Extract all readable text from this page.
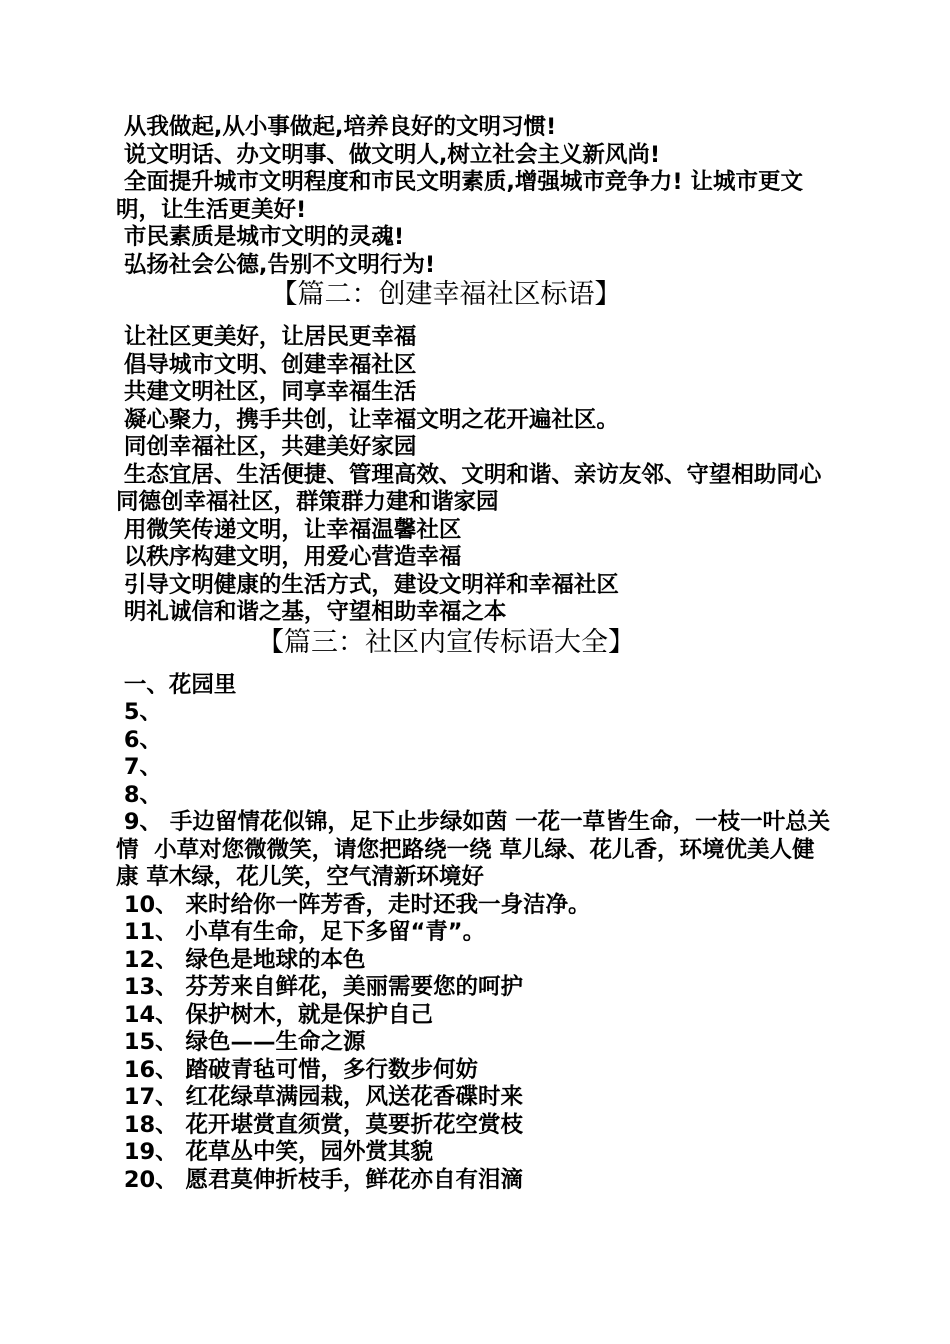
从我做起,从小事做起,培养良好的文明习惯!

说文明话、办文明事、做文明人,树立社会主义新风尚!

全面提升城市文明程度和市民文明素质,增强城市竞争力! 让城市更文明，让生活更美好!

市民素质是城市文明的灵魂!

弘扬社会公德,告别不文明行为!

【篇二：创建幸福社区标语】

让社区更美好，让居民更幸福

倡导城市文明、创建幸福社区

共建文明社区，同享幸福生活

凝心聚力，携手共创，让幸福文明之花开遍社区。

同创幸福社区，共建美好家园

生态宜居、生活便捷、管理高效、文明和谐、亲访友邻、守望相助同心同德创幸福社区，群策群力建和谐家园

用微笑传递文明，让幸福温馨社区

以秩序构建文明，用爱心营造幸福

引导文明健康的生活方式，建设文明祥和幸福社区

明礼诚信和谐之基，守望相助幸福之本

【篇三：社区内宣传标语大全】

一、花园里

5、

6、

7、

8、

9、 手边留情花似锦，足下止步绿如茵 一花一草皆生命，一枝一叶总关情  小草对您微微笑，请您把路绕一绕 草儿绿、花儿香，环境优美人健康 草木绿，花儿笑，空气清新环境好

10、 来时给你一阵芳香，走时还我一身洁净。

11、 小草有生命，足下多留“青”。

12、 绿色是地球的本色

13、 芬芳来自鲜花，美丽需要您的呵护

14、 保护树木，就是保护自己

15、 绿色——生命之源

16、 踏破青毡可惜，多行数步何妨

17、 红花绿草满园栽，风送花香碟时来

18、 花开堪赏直须赏，莫要折花空赏枝

19、 花草丛中笑，园外赏其貌

20、 愿君莫伸折枝手，鲜花亦自有泪滴
